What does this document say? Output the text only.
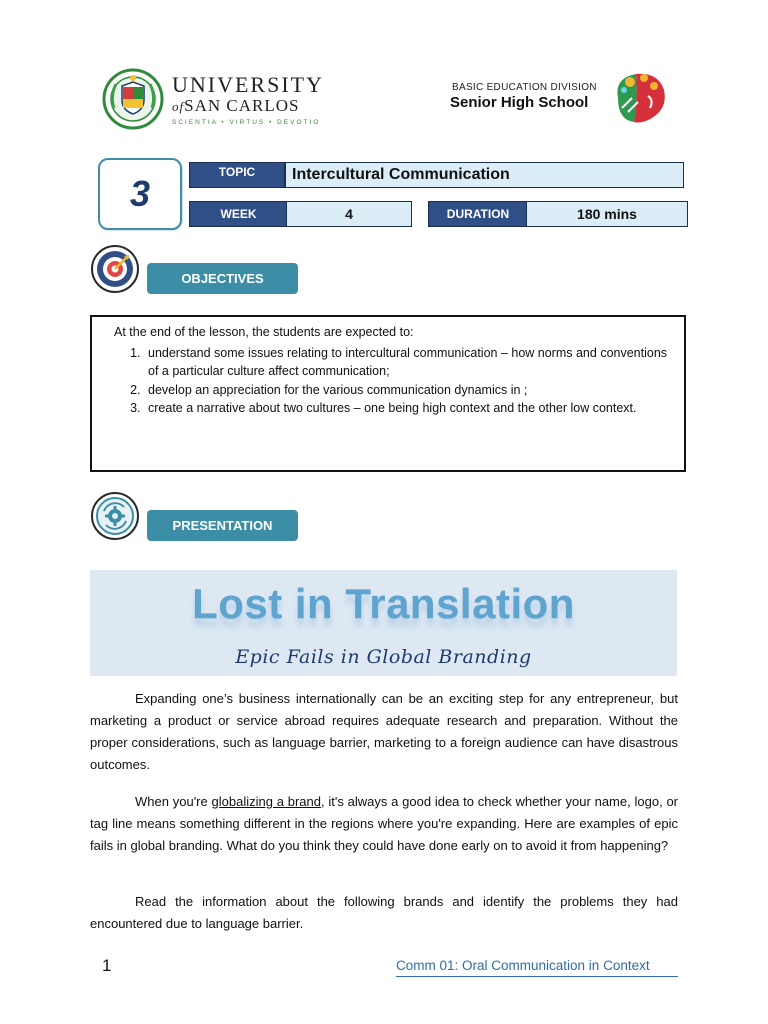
UNIVERSITY
ofSAN CARLOS
SCIENTIA • VIRTUS • DEVOTIO
BASIC EDUCATION DIVISION
Senior High School
3
TOPIC	Intercultural Communication
WEEK	4	DURATION	180 mins
OBJECTIVES
At the end of the lesson, the students are expected to:
1. understand some issues relating to intercultural communication – how norms and conventions of a particular culture affect communication;
2. develop an appreciation for the various communication dynamics in ;
3. create a narrative about two cultures – one being high context and the other low context.
PRESENTATION
Lost in Translation
Epic Fails in Global Branding

Expanding one’s business internationally can be an exciting step for any entrepreneur, but marketing a product or service abroad requires adequate research and preparation. Without the proper considerations, such as language barrier, marketing to a foreign audience can have disastrous outcomes.

When you're globalizing a brand, it's always a good idea to check whether your name, logo, or tag line means something different in the regions where you're expanding. Here are examples of epic fails in global branding. What do you think they could have done early on to avoid it from happening?

Read the information about the following brands and identify the problems they had encountered due to language barrier.

1	Comm 01: Oral Communication in Context
